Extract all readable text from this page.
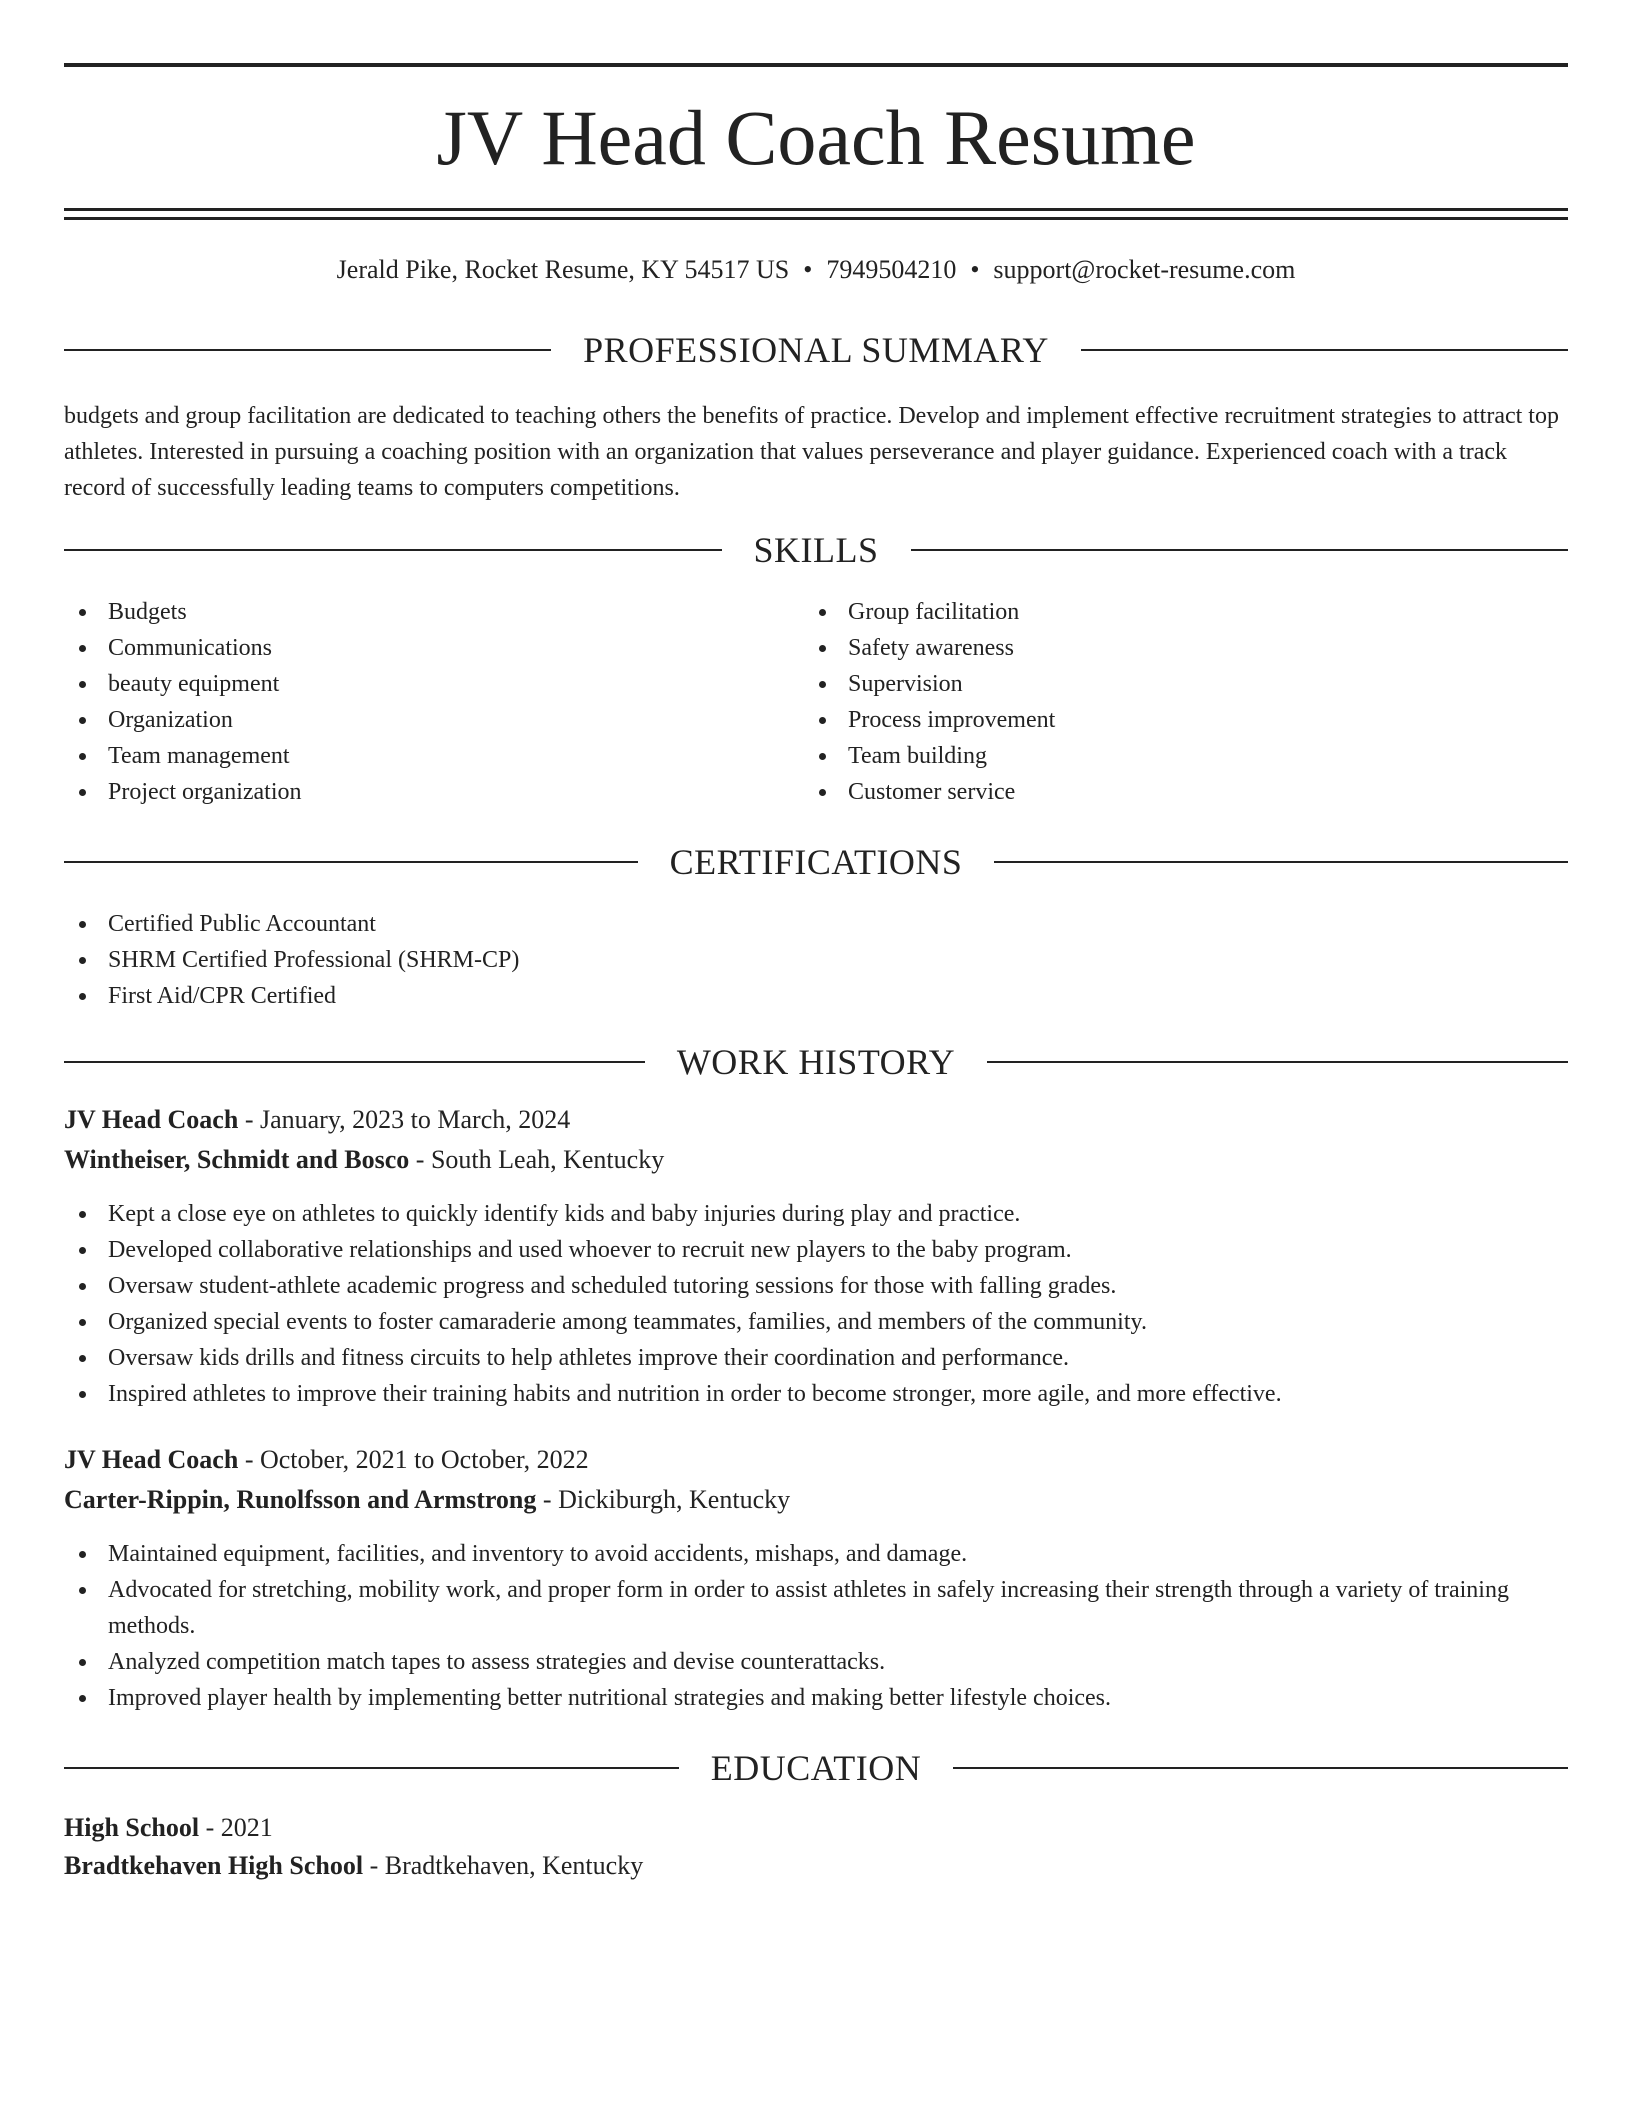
JV Head Coach Resume
Jerald Pike, Rocket Resume, KY 54517 US • 7949504210 • support@rocket-resume.com
PROFESSIONAL SUMMARY
budgets and group facilitation are dedicated to teaching others the benefits of practice. Develop and implement effective recruitment strategies to attract top athletes. Interested in pursuing a coaching position with an organization that values perseverance and player guidance. Experienced coach with a track record of successfully leading teams to computers competitions.
SKILLS
Budgets
Communications
beauty equipment
Organization
Team management
Project organization
Group facilitation
Safety awareness
Supervision
Process improvement
Team building
Customer service
CERTIFICATIONS
Certified Public Accountant
SHRM Certified Professional (SHRM-CP)
First Aid/CPR Certified
WORK HISTORY
JV Head Coach - January, 2023 to March, 2024
Wintheiser, Schmidt and Bosco - South Leah, Kentucky
Kept a close eye on athletes to quickly identify kids and baby injuries during play and practice.
Developed collaborative relationships and used whoever to recruit new players to the baby program.
Oversaw student-athlete academic progress and scheduled tutoring sessions for those with falling grades.
Organized special events to foster camaraderie among teammates, families, and members of the community.
Oversaw kids drills and fitness circuits to help athletes improve their coordination and performance.
Inspired athletes to improve their training habits and nutrition in order to become stronger, more agile, and more effective.
JV Head Coach - October, 2021 to October, 2022
Carter-Rippin, Runolfsson and Armstrong - Dickiburgh, Kentucky
Maintained equipment, facilities, and inventory to avoid accidents, mishaps, and damage.
Advocated for stretching, mobility work, and proper form in order to assist athletes in safely increasing their strength through a variety of training methods.
Analyzed competition match tapes to assess strategies and devise counterattacks.
Improved player health by implementing better nutritional strategies and making better lifestyle choices.
EDUCATION
High School - 2021
Bradtkehaven High School - Bradtkehaven, Kentucky
